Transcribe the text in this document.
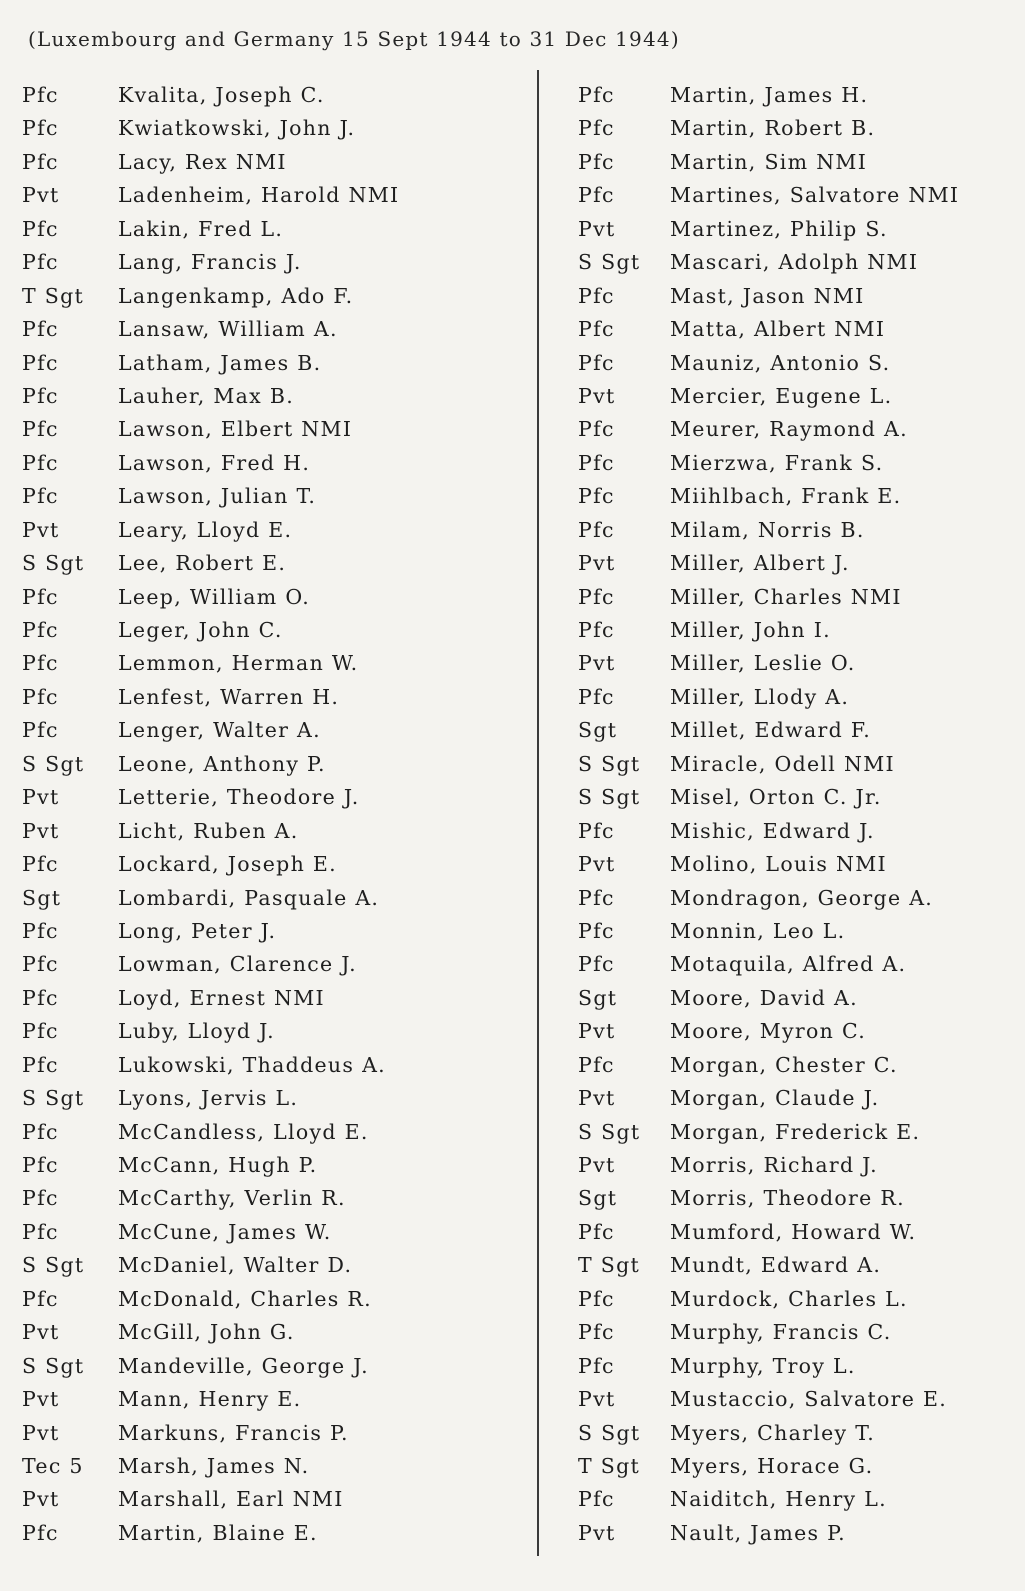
(Luxembourg and Germany 15 Sept 1944 to 31 Dec 1944)
Pfc	Kvalita, Joseph C.
Pfc	Kwiatkowski, John J.
Pfc	Lacy, Rex NMI
Pvt	Ladenheim, Harold NMI
Pfc	Lakin, Fred L.
Pfc	Lang, Francis J.
T Sgt	Langenkamp, Ado F.
Pfc	Lansaw, William A.
Pfc	Latham, James B.
Pfc	Lauher, Max B.
Pfc	Lawson, Elbert NMI
Pfc	Lawson, Fred H.
Pfc	Lawson, Julian T.
Pvt	Leary, Lloyd E.
S Sgt	Lee, Robert E.
Pfc	Leep, William O.
Pfc	Leger, John C.
Pfc	Lemmon, Herman W.
Pfc	Lenfest, Warren H.
Pfc	Lenger, Walter A.
S Sgt	Leone, Anthony P.
Pvt	Letterie, Theodore J.
Pvt	Licht, Ruben A.
Pfc	Lockard, Joseph E.
Sgt	Lombardi, Pasquale A.
Pfc	Long, Peter J.
Pfc	Lowman, Clarence J.
Pfc	Loyd, Ernest NMI
Pfc	Luby, Lloyd J.
Pfc	Lukowski, Thaddeus A.
S Sgt	Lyons, Jervis L.
Pfc	McCandless, Lloyd E.
Pfc	McCann, Hugh P.
Pfc	McCarthy, Verlin R.
Pfc	McCune, James W.
S Sgt	McDaniel, Walter D.
Pfc	McDonald, Charles R.
Pvt	McGill, John G.
S Sgt	Mandeville, George J.
Pvt	Mann, Henry E.
Pvt	Markuns, Francis P.
Tec 5	Marsh, James N.
Pvt	Marshall, Earl NMI
Pfc	Martin, Blaine E.
Pfc	Martin, James H.
Pfc	Martin, Robert B.
Pfc	Martin, Sim NMI
Pfc	Martines, Salvatore NMI
Pvt	Martinez, Philip S.
S Sgt	Mascari, Adolph NMI
Pfc	Mast, Jason NMI
Pfc	Matta, Albert NMI
Pfc	Mauniz, Antonio S.
Pvt	Mercier, Eugene L.
Pfc	Meurer, Raymond A.
Pfc	Mierzwa, Frank S.
Pfc	Miihlbach, Frank E.
Pfc	Milam, Norris B.
Pvt	Miller, Albert J.
Pfc	Miller, Charles NMI
Pfc	Miller, John I.
Pvt	Miller, Leslie O.
Pfc	Miller, Llody A.
Sgt	Millet, Edward F.
S Sgt	Miracle, Odell NMI
S Sgt	Misel, Orton C. Jr.
Pfc	Mishic, Edward J.
Pvt	Molino, Louis NMI
Pfc	Mondragon, George A.
Pfc	Monnin, Leo L.
Pfc	Motaquila, Alfred A.
Sgt	Moore, David A.
Pvt	Moore, Myron C.
Pfc	Morgan, Chester C.
Pvt	Morgan, Claude J.
S Sgt	Morgan, Frederick E.
Pvt	Morris, Richard J.
Sgt	Morris, Theodore R.
Pfc	Mumford, Howard W.
T Sgt	Mundt, Edward A.
Pfc	Murdock, Charles L.
Pfc	Murphy, Francis C.
Pfc	Murphy, Troy L.
Pvt	Mustaccio, Salvatore E.
S Sgt	Myers, Charley T.
T Sgt	Myers, Horace G.
Pfc	Naiditch, Henry L.
Pvt	Nault, James P.
